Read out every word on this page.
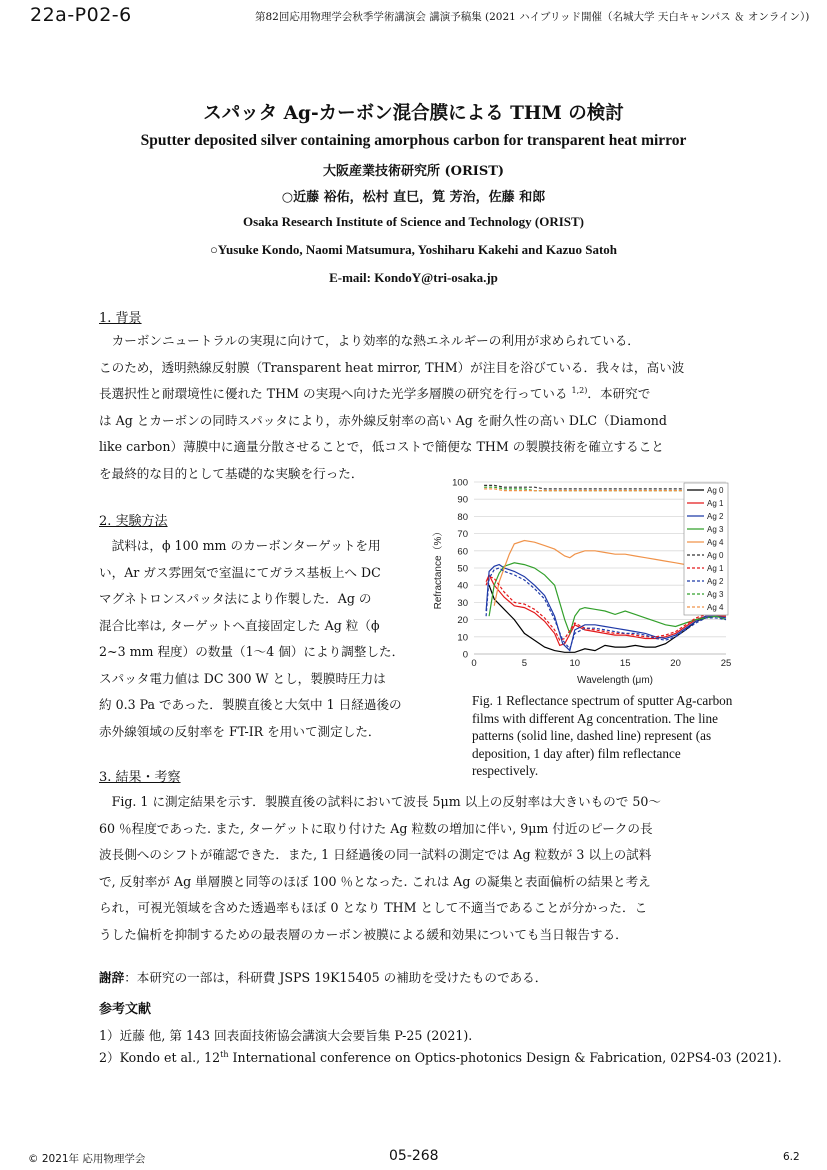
22a-P02-6	第82回応用物理学会秋季学術講演会 講演予稿集 (2021 ハイブリッド開催（名城大学 天白キャンパス ＆ オンライン）)
スパッタ Ag-カーボン混合膜による THM の検討
Sputter deposited silver containing amorphous carbon for transparent heat mirror
大阪産業技術研究所 (ORIST)
○近藤 裕佑，松村 直巳，筧 芳治，佐藤 和郎
Osaka Research Institute of Science and Technology (ORIST)
○Yusuke Kondo, Naomi Matsumura, Yoshiharu Kakehi and Kazuo Satoh
E-mail: KondoY@tri-osaka.jp
1. 背景
　カーボンニュートラルの実現に向けて，より効率的な熱エネルギーの利用が求められている．
このため，透明熱線反射膜（Transparent heat mirror, THM）が注目を浴びている．我々は，高い波
長選択性と耐環境性に優れた THM の実現へ向けた光学多層膜の研究を行っている $^{1,2)}$．本研究で
は Ag とカーボンの同時スパッタにより，赤外線反射率の高い Ag を耐久性の高い DLC（Diamond
like carbon）薄膜中に適量分散させることで，低コストで簡便な THM の製膜技術を確立すること
を最終的な目的として基礎的な実験を行った．
2. 実験方法
　試料は，ϕ 100 mm のカーボンターゲットを用
い，Ar ガス雰囲気で室温にてガラス基板上へ DC
マグネトロンスパッタ法により作製した．Ag の
混合比率は, ターゲットへ直接固定した Ag 粒（ϕ
2~3 mm 程度）の数量（1～4 個）により調整した．
スパッタ電力値は DC 300 W とし，製膜時圧力は
約 0.3 Pa であった．製膜直後と大気中 1 日経過後の
赤外線領域の反射率を FT-IR を用いて測定した．
0
10
20
30
40
50
60
70
80
90
100
0	5	10	15	20	25
Wavelength (μm)
Refractance（%）
Ag 0
Ag 1
Ag 2
Ag 3
Ag 4
Ag 0
Ag 1
Ag 2
Ag 3
Ag 4
Fig. 1 Reflectance spectrum of sputter Ag-carbon films with different Ag concentration. The line patterns (solid line, dashed line) represent (as deposition, 1 day after) film reflectance respectively.
3. 結果・考察
　Fig. 1 に測定結果を示す．製膜直後の試料において波長 5μm 以上の反射率は大きいもので 50～
60 ％程度であった. また, ターゲットに取り付けた Ag 粒数の増加に伴い, 9μm 付近のピークの長
波長側へのシフトが確認できた．また, 1 日経過後の同一試料の測定では Ag 粒数が 3 以上の試料
で, 反射率が Ag 単層膜と同等のほぼ 100 ％となった. これは Ag の凝集と表面偏析の結果と考え
られ，可視光領域を含めた透過率もほぼ 0 となり THM として不適当であることが分かった．こ
うした偏析を抑制するための最表層のカーボン被膜による緩和効果についても当日報告する．
謝辞：本研究の一部は，科研費 JSPS 19K15405 の補助を受けたものである．
参考文献
1）近藤 他, 第 143 回表面技術協会講演大会要旨集 P-25 (2021).
2）Kondo et al., 12th International conference on Optics-photonics Design & Fabrication, 02PS4-03 (2021).
© 2021年 応用物理学会	05-268	6.2
